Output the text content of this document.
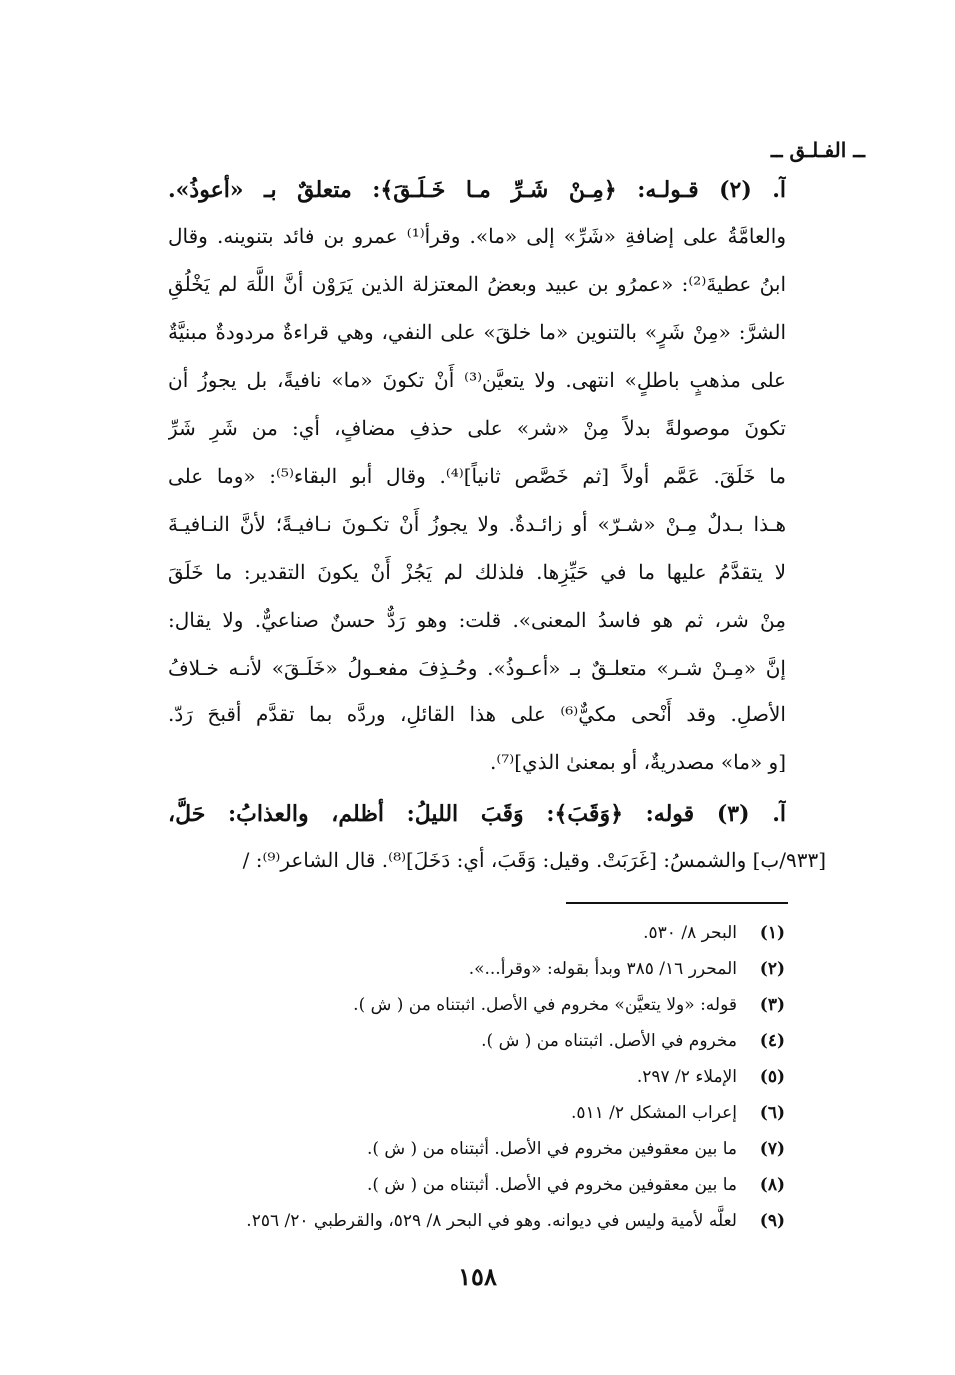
ــ الفـلـق ــ
آ. (٢) قـولـه: ﴿مِـنْ شَـرِّ مـا خَـلَـقَ﴾: متعلقٌ بـ «أعوذُ».
والعامَّةُ على إضافةِ «شَرِّ» إلى «ما». وقرأ⁽¹⁾ عمرو بن فائد بتنوينه. وقال
ابنُ عطيةَ⁽²⁾: «عمرُو بن عبيد وبعضُ المعتزلة الذين يَرَوْن أنَّ اللَّهَ لم يَخْلُقِ
الشرَّ: «مِنْ شَرٍ» بالتنوين «ما خلقَ» على النفي، وهي قراءةٌ مردودةٌ مبنيَّةٌ
على مذهبٍ باطلٍ» انتهى. ولا يتعيَّن⁽³⁾ أَنْ تكونَ «ما» نافيةً، بل يجوزُ أن
تكونَ موصولةً بدلاً مِنْ «شر» على حذفِ مضافٍ، أي: من شَرِ شَرِّ
ما خَلَقَ. عَمَّم أولاً [ثم خَصَّص ثانياً]⁽⁴⁾. وقال أبو البقاء⁽⁵⁾: «وما على
هـذا بـدلٌ مِـنْ «شـرّ» أو زائـدةٌ. ولا يجوزُ أَنْ تكـونَ نـافيـةً؛ لأنَّ النـافيـةَ
لا يتقدَّمُ عليها ما في حَيِّزِها. فلذلك لم يَجُزْ أَنْ يكونَ التقدير: ما خَلَقَ
مِنْ شر، ثم هو فاسدُ المعنى». قلت: وهو رَدٌّ حسنٌ صناعيٌّ. ولا يقال:
إنَّ «مِـنْ شـر» متعلـقٌ بـ «أعـوذُ». وحُـذِفَ مفعـولُ «خَلَـقَ» لأنـه خـلافُ
الأصلِ. وقد أَنْحى مكيٌّ⁽⁶⁾ على هذا القائلِ، وردَّه بما تقدَّم أقبحَ رَدّ.
[و «ما» مصدريةٌ، أو بمعنىٰ الذي]⁽⁷⁾.
آ. (٣) قوله: ﴿وَقَبَ﴾: وَقَبَ الليلُ: أظلم، والعذابُ: حَلَّ،
[٩٣٣/ب] والشمسُ: [غَرَبَتْ. وقيل: وَقَبَ، أي: دَخَلَ]⁽⁸⁾. قال الشاعر⁽⁹⁾: /
(١)البحر ٨/ ٥٣٠.
(٢)المحرر ١٦/ ٣٨٥ وبدأ بقوله: «وقرأ...».
(٣)قوله: «ولا يتعيَّن» مخروم في الأصل. اثبتناه من ( ش ).
(٤)مخروم في الأصل. اثبتناه من ( ش ).
(٥)الإملاء ٢/ ٢٩٧.
(٦)إعراب المشكل ٢/ ٥١١.
(٧)ما بين معقوفين مخروم في الأصل. أثبتناه من ( ش ).
(٨)ما بين معقوفين مخروم في الأصل. أثبتناه من ( ش ).
(٩)لعلَّه لأمية وليس في ديوانه. وهو في البحر ٨/ ٥٢٩، والقرطبي ٢٠/ ٢٥٦.
١٥٨
